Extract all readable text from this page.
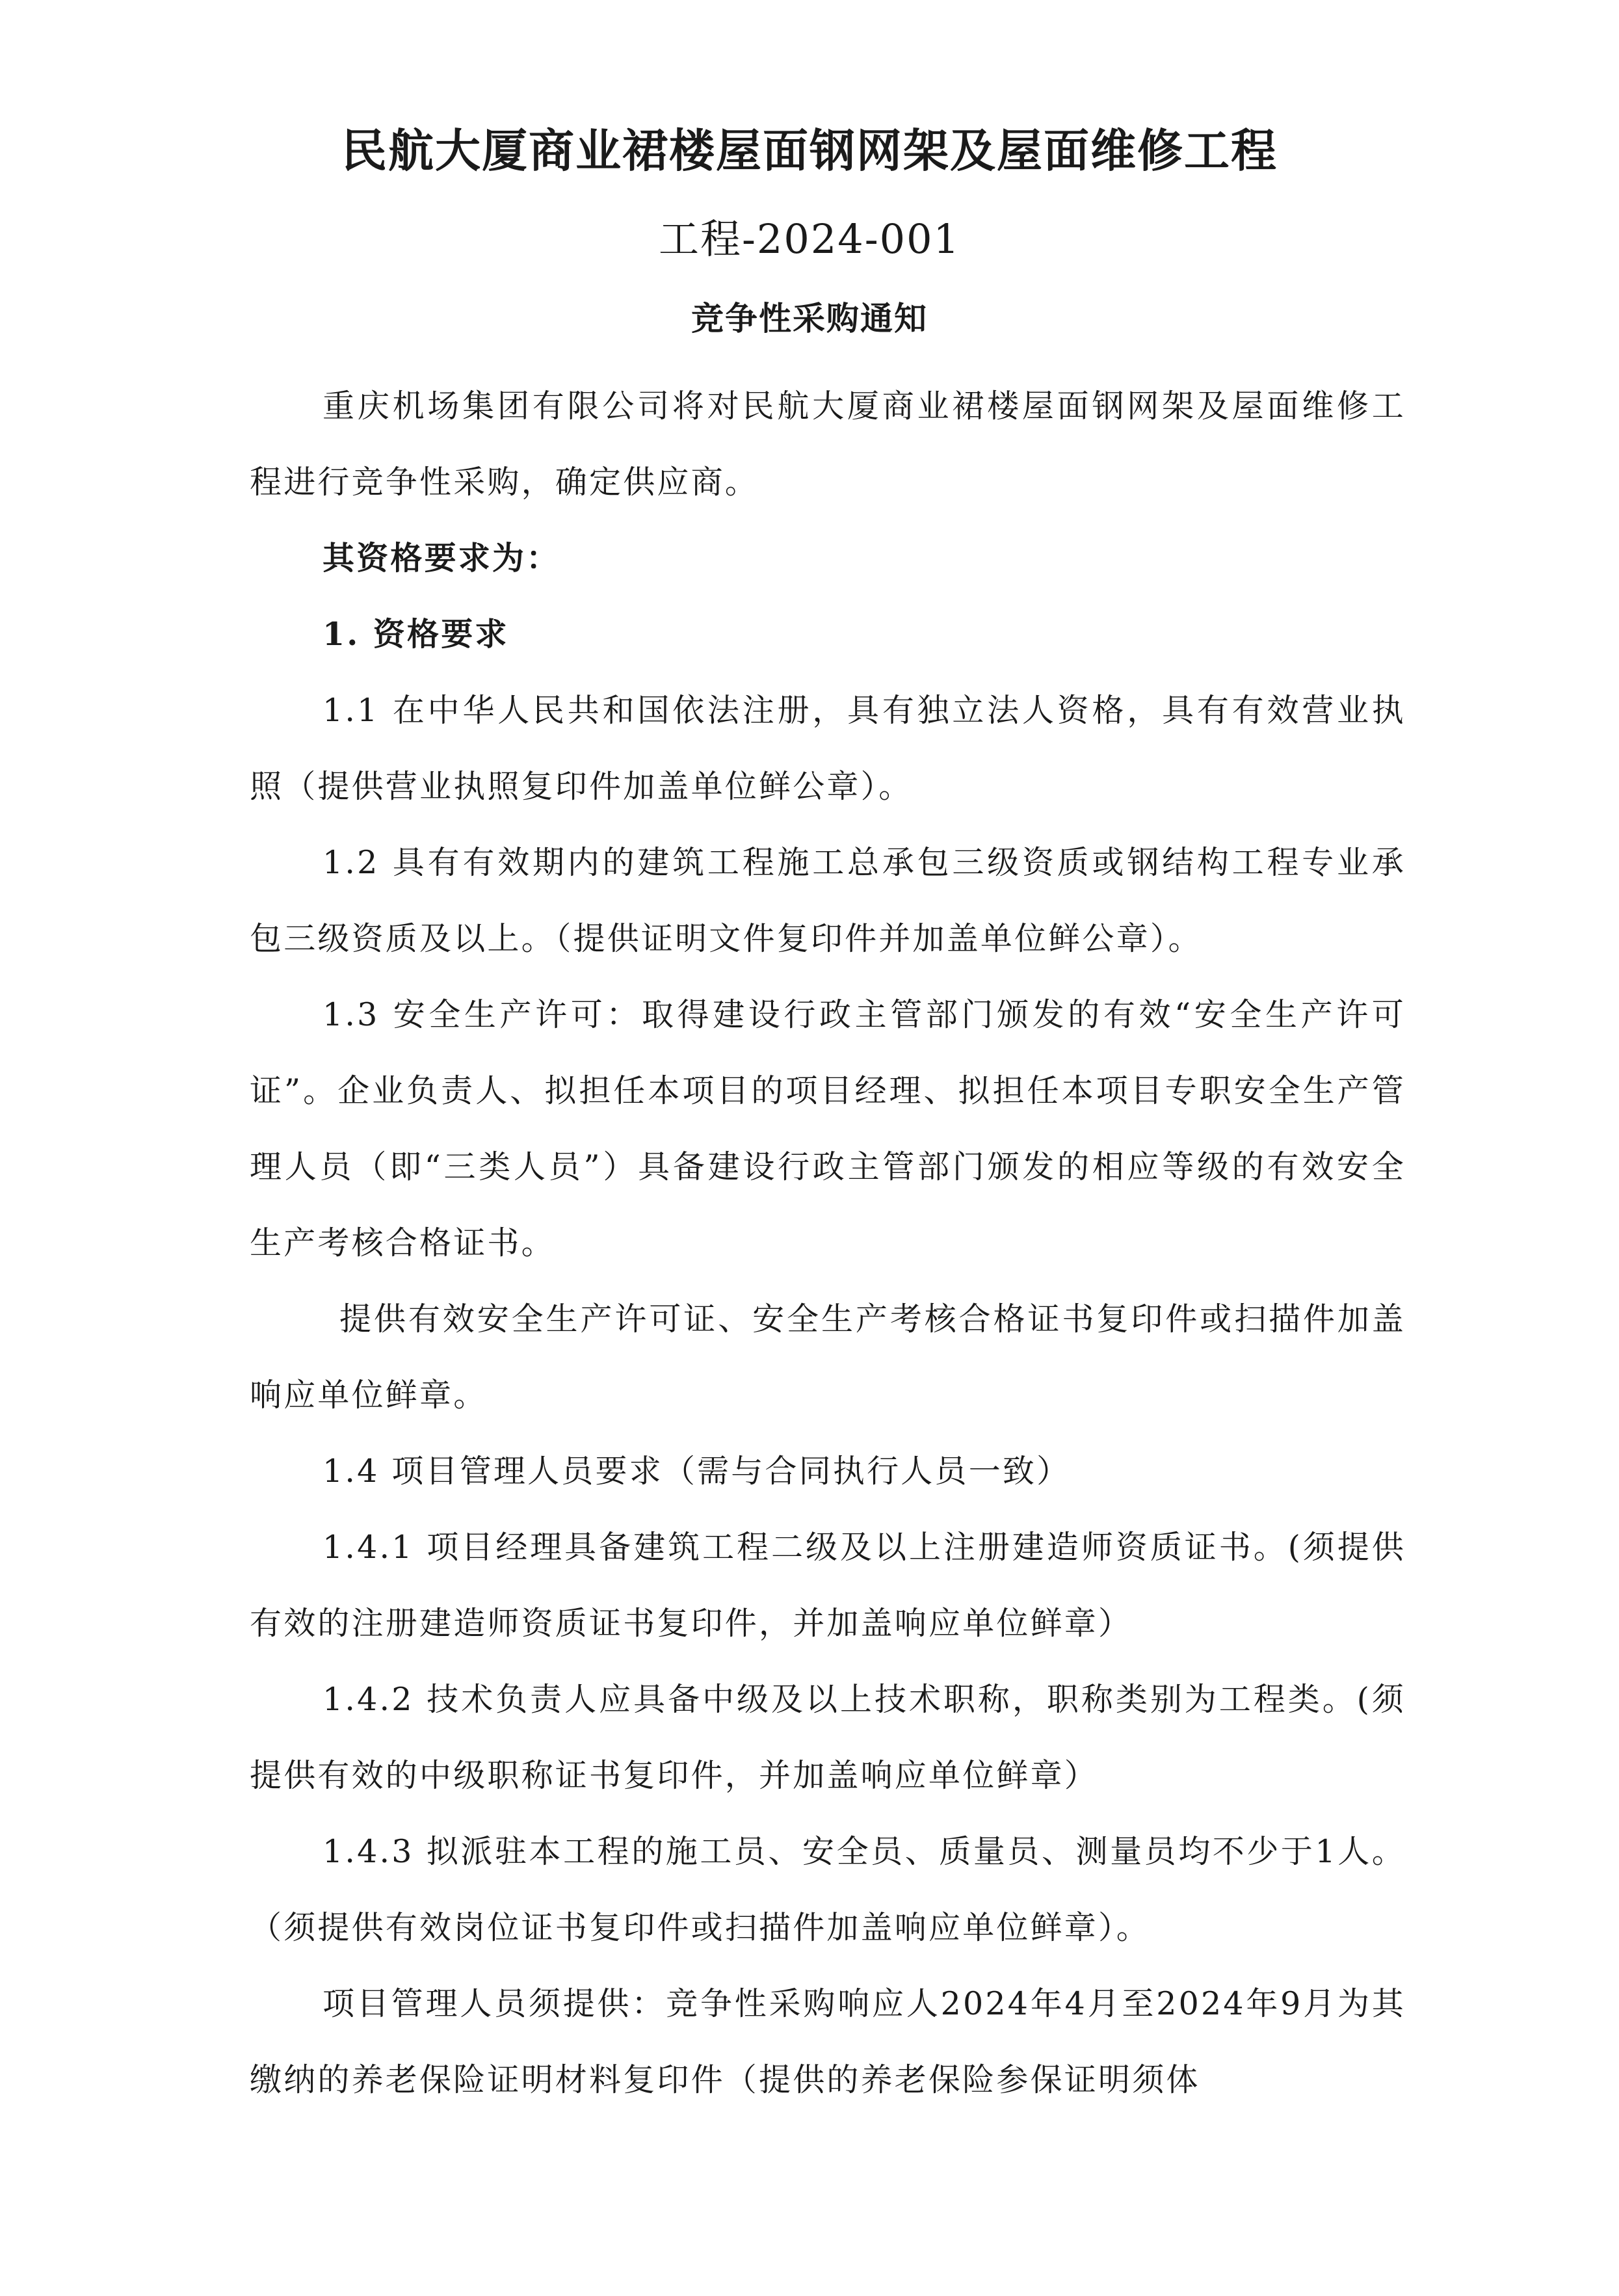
民航大厦商业裙楼屋面钢网架及屋面维修工程
工程-2024-001
竞争性采购通知

重庆机场集团有限公司将对民航大厦商业裙楼屋面钢网架及屋面维修工程进行竞争性采购，确定供应商。

其资格要求为：

1. 资格要求

1.1 在中华人民共和国依法注册，具有独立法人资格，具有有效营业执照（提供营业执照复印件加盖单位鲜公章）。

1.2 具有有效期内的建筑工程施工总承包三级资质或钢结构工程专业承包三级资质及以上。（提供证明文件复印件并加盖单位鲜公章）。

1.3 安全生产许可：取得建设行政主管部门颁发的有效“安全生产许可证”。企业负责人、拟担任本项目的项目经理、拟担任本项目专职安全生产管理人员（即“三类人员”）具备建设行政主管部门颁发的相应等级的有效安全生产考核合格证书。

提供有效安全生产许可证、安全生产考核合格证书复印件或扫描件加盖响应单位鲜章。

1.4 项目管理人员要求（需与合同执行人员一致）

1.4.1 项目经理具备建筑工程二级及以上注册建造师资质证书。(须提供有效的注册建造师资质证书复印件，并加盖响应单位鲜章）

1.4.2 技术负责人应具备中级及以上技术职称，职称类别为工程类。(须提供有效的中级职称证书复印件，并加盖响应单位鲜章）

1.4.3 拟派驻本工程的施工员、安全员、质量员、测量员均不少于1人。（须提供有效岗位证书复印件或扫描件加盖响应单位鲜章）。

项目管理人员须提供：竞争性采购响应人2024年4月至2024年9月为其缴纳的养老保险证明材料复印件（提供的养老保险参保证明须体
